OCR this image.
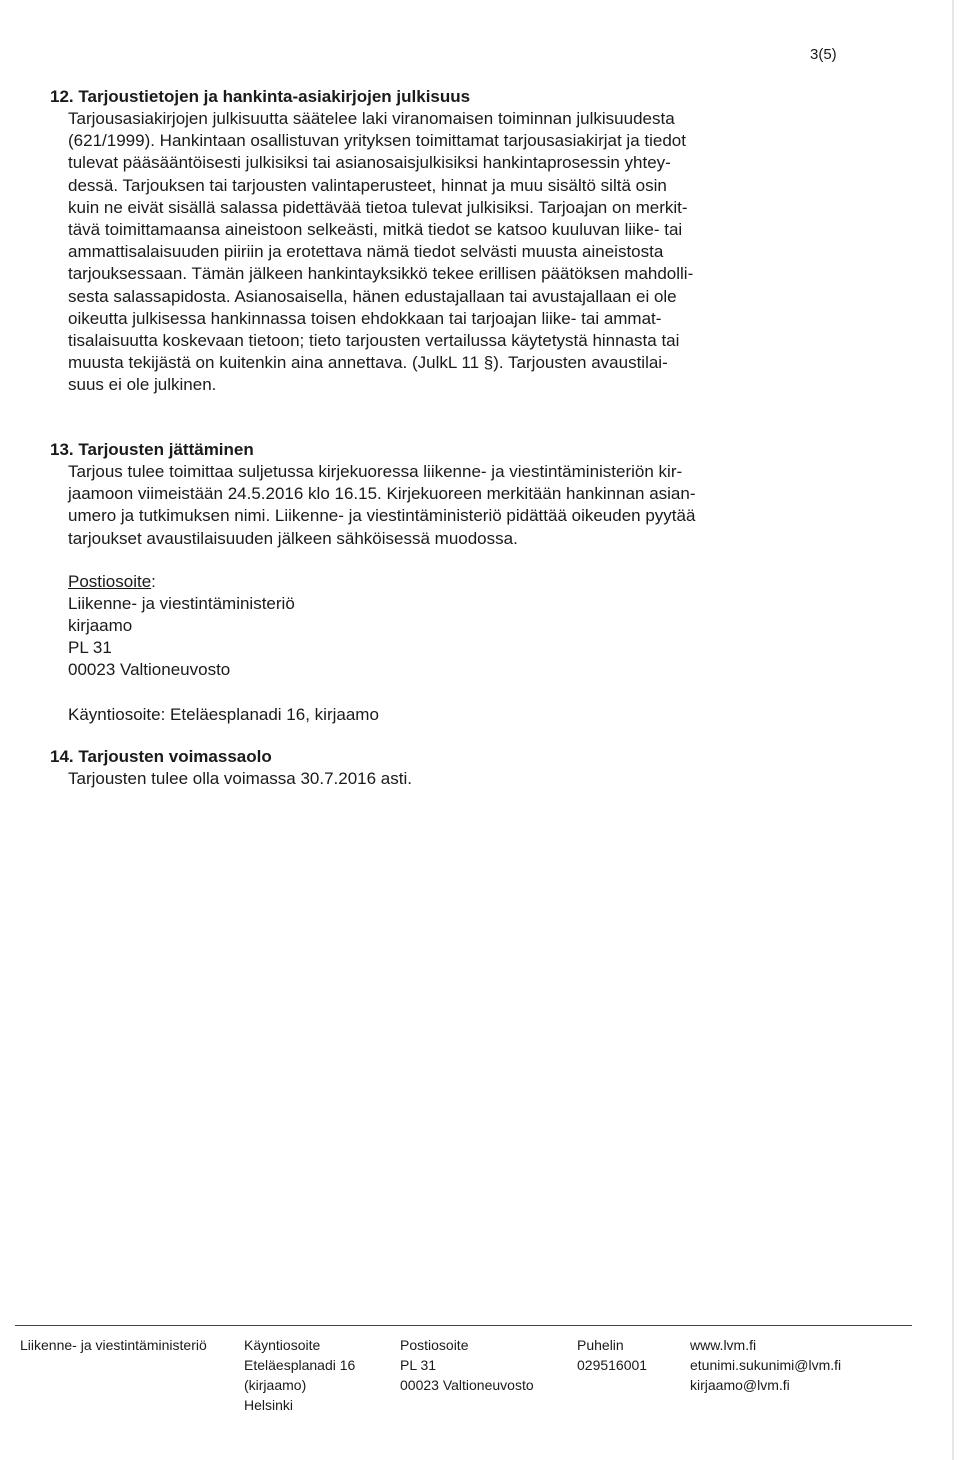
3(5)

12. Tarjoustietojen ja hankinta-asiakirjojen julkisuus

Tarjousasiakirjojen julkisuutta säätelee laki viranomaisen toiminnan julkisuudesta
(621/1999). Hankintaan osallistuvan yrityksen toimittamat tarjousasiakirjat ja tiedot
tulevat pääsääntöisesti julkisiksi tai asianosaisjulkisiksi hankintaprosessin yhtey-
dessä. Tarjouksen tai tarjousten valintaperusteet, hinnat ja muu sisältö siltä osin
kuin ne eivät sisällä salassa pidettävää tietoa tulevat julkisiksi. Tarjoajan on merkit-
tävä toimittamaansa aineistoon selkeästi, mitkä tiedot se katsoo kuuluvan liike- tai
ammattisalaisuuden piiriin ja erotettava nämä tiedot selvästi muusta aineistosta
tarjouksessaan. Tämän jälkeen hankintayksikkö tekee erillisen päätöksen mahdolli-
sesta salassapidosta. Asianosaisella, hänen edustajallaan tai avustajallaan ei ole
oikeutta julkisessa hankinnassa toisen ehdokkaan tai tarjoajan liike- tai ammat-
tisalaisuutta koskevaan tietoon; tieto tarjousten vertailussa käytetystä hinnasta tai
muusta tekijästä on kuitenkin aina annettava. (JulkL 11 §). Tarjousten avaustilai-
suus ei ole julkinen.

13. Tarjousten jättäminen

Tarjous tulee toimittaa suljetussa kirjekuoressa liikenne- ja viestintäministeriön kir-
jaamoon viimeistään 24.5.2016 klo 16.15. Kirjekuoreen merkitään hankinnan asian-
umero ja tutkimuksen nimi. Liikenne- ja viestintäministeriö pidättää oikeuden pyytää
tarjoukset avaustilaisuuden jälkeen sähköisessä muodossa.
Postiosoite:
Liikenne- ja viestintäministeriö
kirjaamo
PL 31
00023 Valtioneuvosto
Käyntiosoite: Eteläesplanadi 16, kirjaamo

14. Tarjousten voimassaolo

Tarjousten tulee olla voimassa 30.7.2016 asti.
Liikenne- ja viestintäministeriö	Käyntiosoite
Eteläesplanadi 16
(kirjaamo)
Helsinki
Postiosoite
PL 31
00023 Valtioneuvosto
Puhelin
029516001
www.lvm.fi
etunimi.sukunimi@lvm.fi
kirjaamo@lvm.fi
